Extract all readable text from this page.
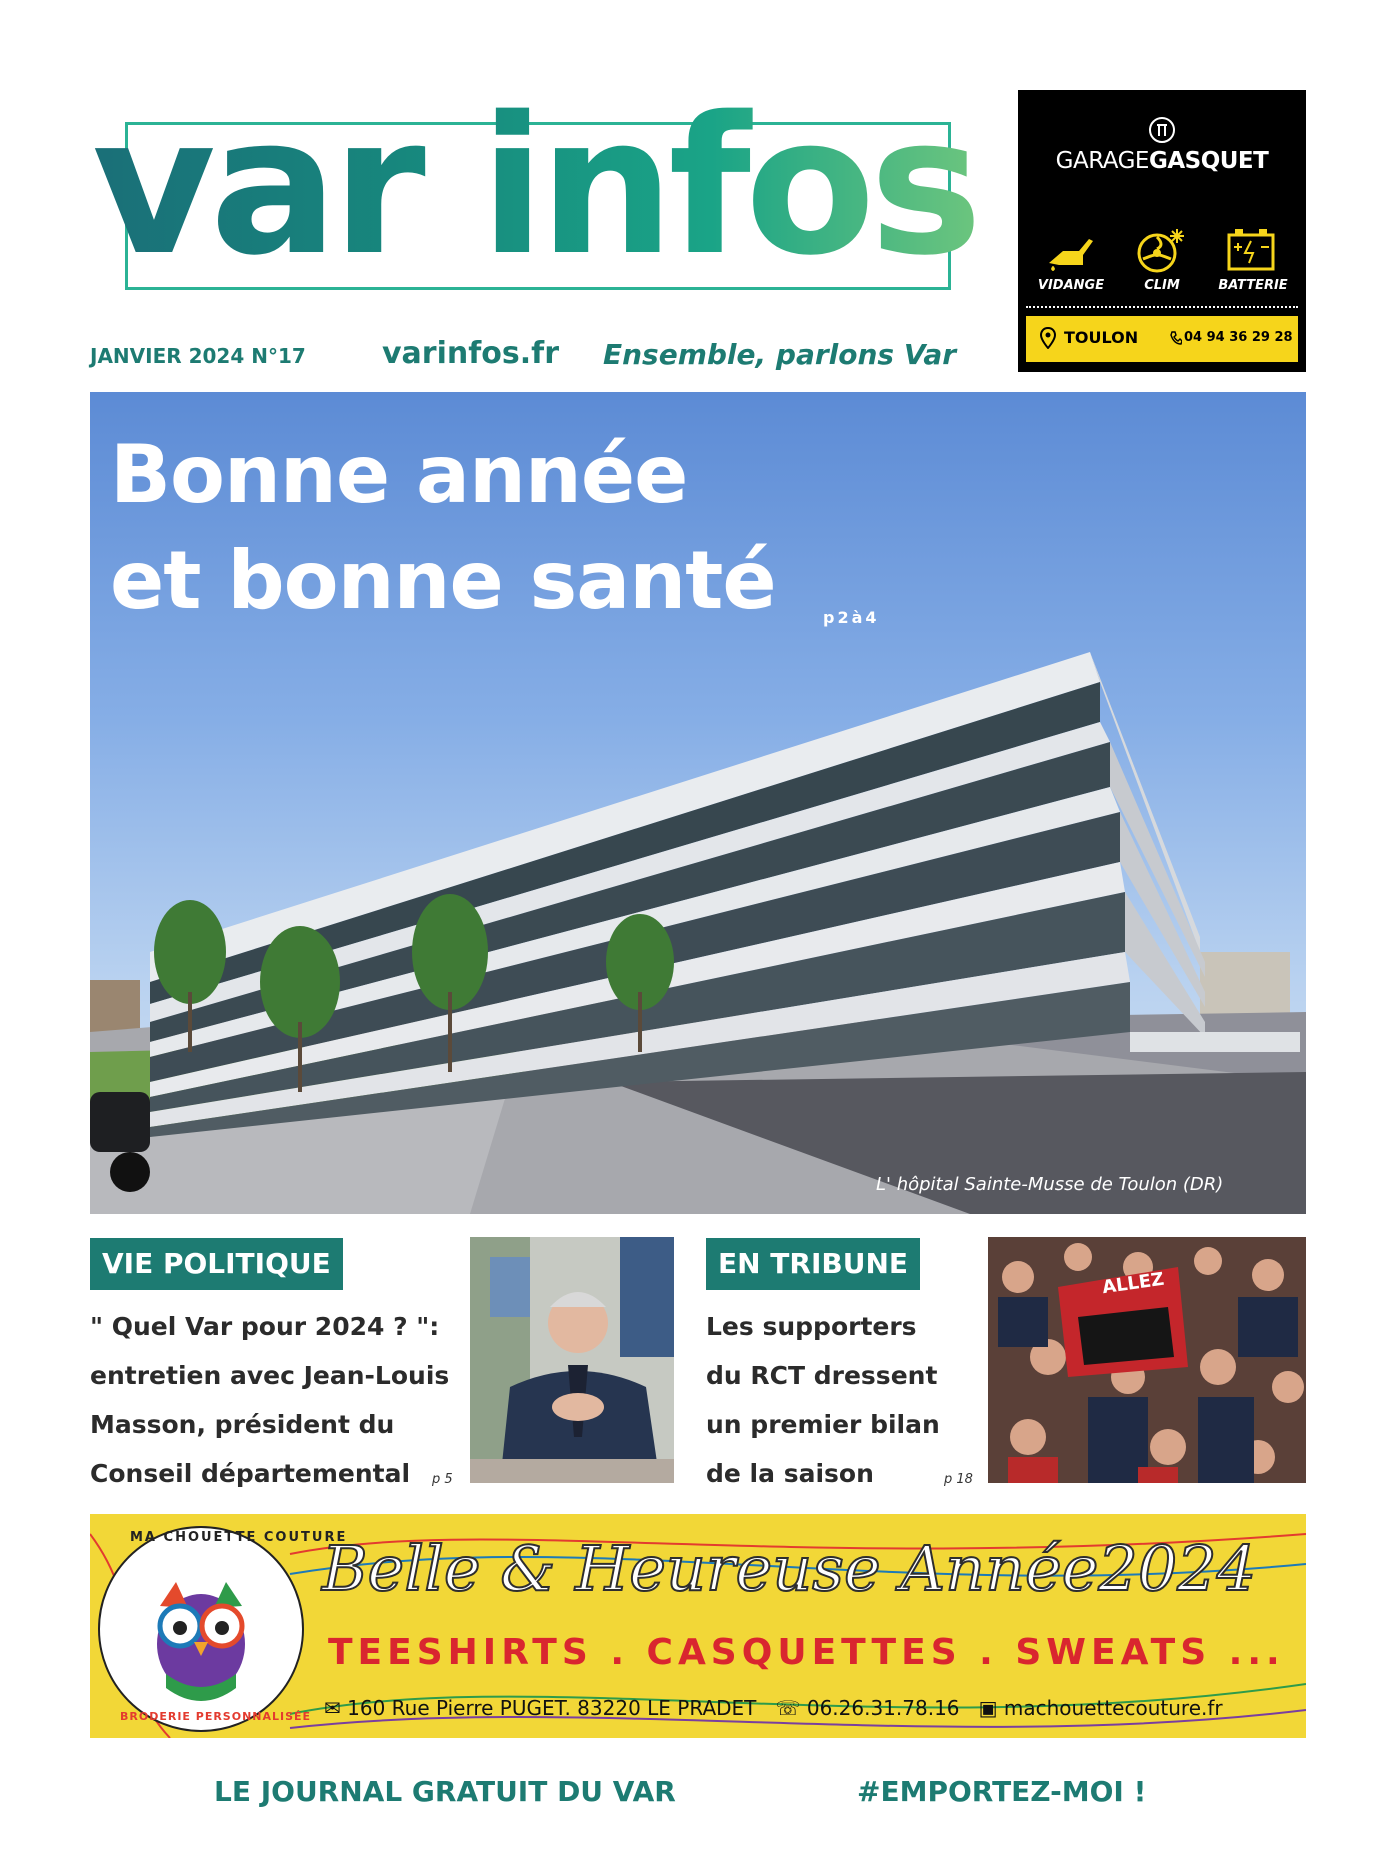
var infos
JANVIER 2024 N°17	varinfos.fr Ensemble, parlons Var
GARAGEGASQUET
VIDANGE	CLIM	BATTERIE
TOULON	04 94 36 29 28
Bonne année
et bonne santé	p2à4
L' hôpital Sainte-Musse de Toulon (DR)
VIE POLITIQUE
" Quel Var pour 2024 ? ":
entretien avec Jean-Louis
Masson, président du
Conseil départemental	p 5
EN TRIBUNE
Les supporters
du RCT dressent
un premier bilan
de la saison	p 18
ALLEZ
MA CHOUETTE COUTURE
BRODERIE PERSONNALISÉE
Belle & Heureuse Année2024
TEESHIRTS . CASQUETTES . SWEATS ...
✉ 160 Rue Pierre PUGET. 83220 LE PRADET ☏ 06.26.31.78.16 ▣ machouettecouture.fr
LE JOURNAL GRATUIT DU VAR	#EMPORTEZ-MOI !
